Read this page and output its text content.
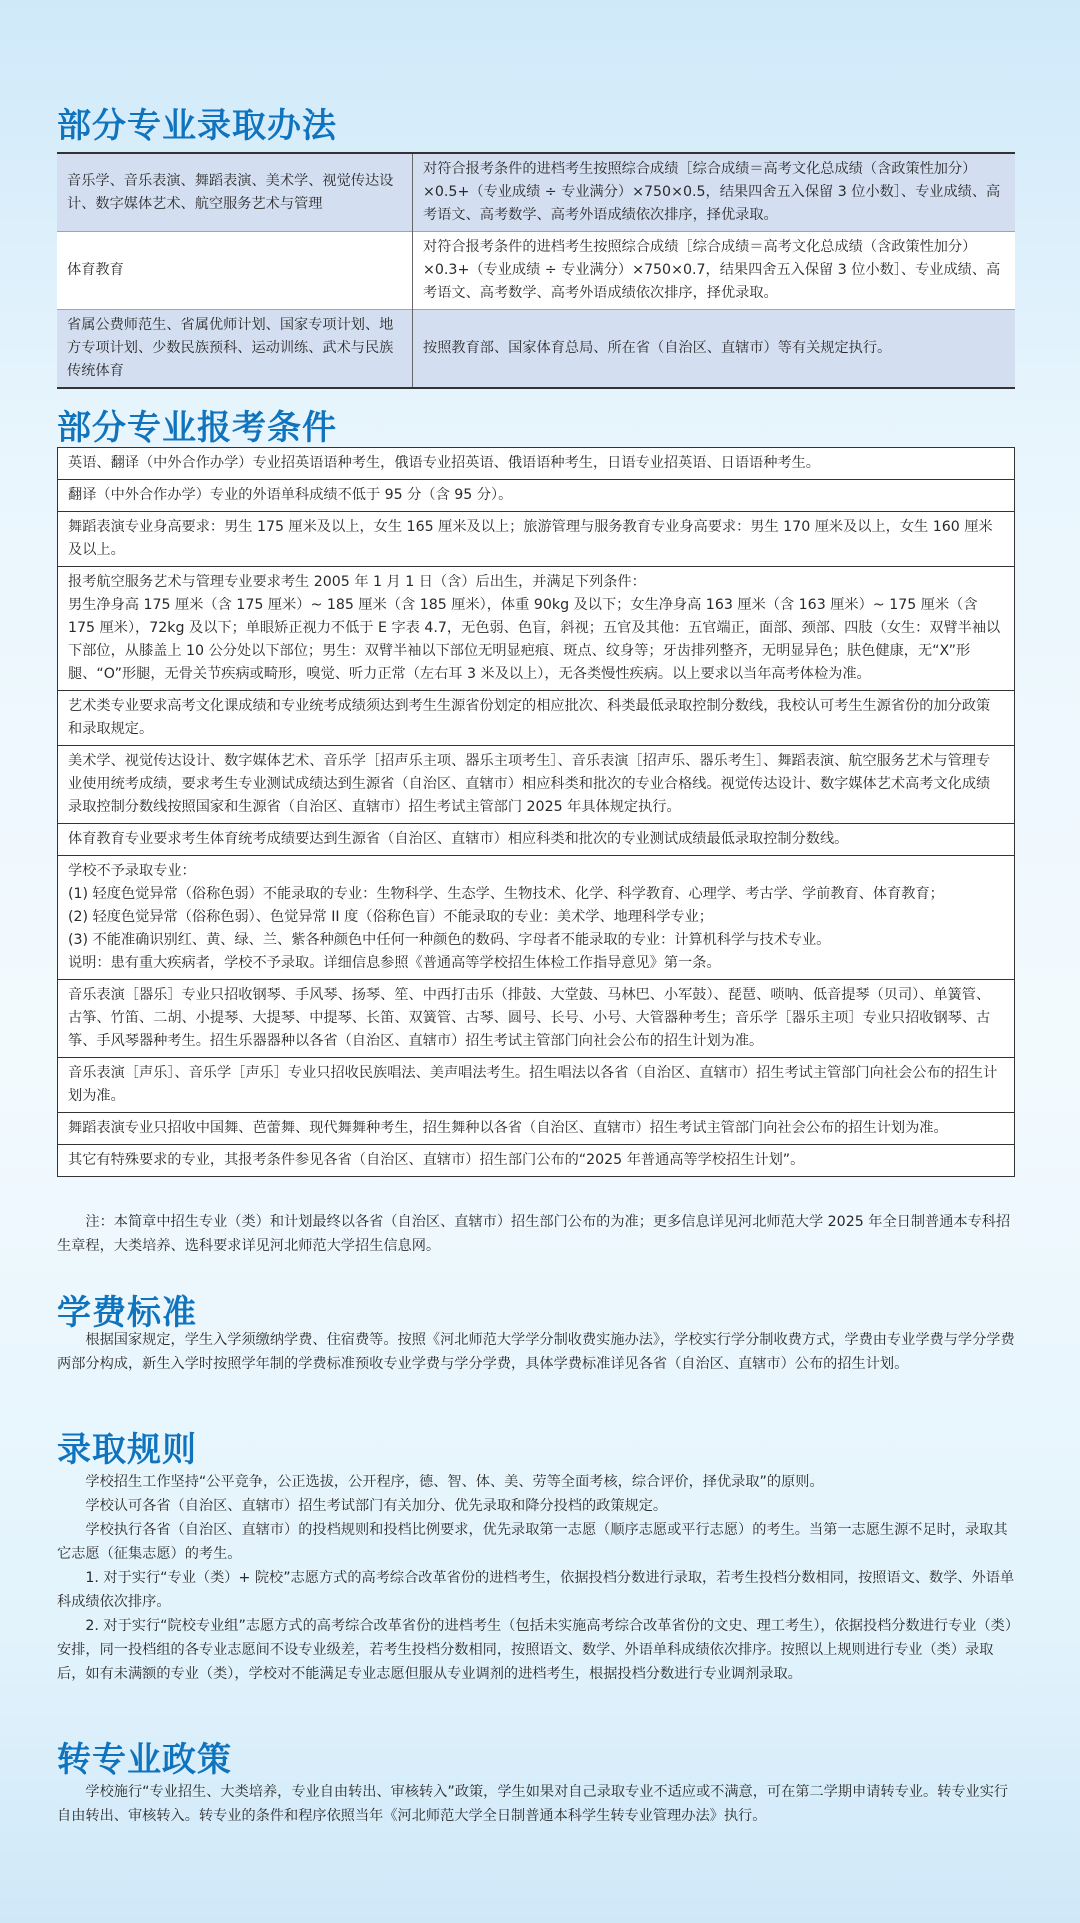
部分专业录取办法
音乐学、音乐表演、舞蹈表演、美术学、视觉传达设计、数字媒体艺术、航空服务艺术与管理	对符合报考条件的进档考生按照综合成绩［综合成绩＝高考文化总成绩（含政策性加分）×0.5+（专业成绩 ÷ 专业满分）×750×0.5，结果四舍五入保留 3 位小数］、专业成绩、高考语文、高考数学、高考外语成绩依次排序，择优录取。
体育教育	对符合报考条件的进档考生按照综合成绩［综合成绩＝高考文化总成绩（含政策性加分）×0.3+（专业成绩 ÷ 专业满分）×750×0.7，结果四舍五入保留 3 位小数］、专业成绩、高考语文、高考数学、高考外语成绩依次排序，择优录取。
省属公费师范生、省属优师计划、国家专项计划、地方专项计划、少数民族预科、运动训练、武术与民族传统体育	按照教育部、国家体育总局、所在省（自治区、直辖市）等有关规定执行。
部分专业报考条件
英语、翻译（中外合作办学）专业招英语语种考生，俄语专业招英语、俄语语种考生，日语专业招英语、日语语种考生。

翻译（中外合作办学）专业的外语单科成绩不低于 95 分（含 95 分）。

舞蹈表演专业身高要求：男生 175 厘米及以上，女生 165 厘米及以上；旅游管理与服务教育专业身高要求：男生 170 厘米及以上，女生 160 厘米及以上。

报考航空服务艺术与管理专业要求考生 2005 年 1 月 1 日（含）后出生，并满足下列条件：
男生净身高 175 厘米（含 175 厘米）~ 185 厘米（含 185 厘米），体重 90kg 及以下；女生净身高 163 厘米（含 163 厘米）~ 175 厘米（含 175 厘米），72kg 及以下；单眼矫正视力不低于 E 字表 4.7，无色弱、色盲，斜视；五官及其他：五官端正，面部、颈部、四肢（女生：双臂半袖以下部位，从膝盖上 10 公分处以下部位；男生：双臂半袖以下部位无明显疤痕、斑点、纹身等；牙齿排列整齐，无明显异色；肤色健康，无“X”形腿、“O”形腿，无骨关节疾病或畸形，嗅觉、听力正常（左右耳 3 米及以上），无各类慢性疾病。以上要求以当年高考体检为准。

艺术类专业要求高考文化课成绩和专业统考成绩须达到考生生源省份划定的相应批次、科类最低录取控制分数线，我校认可考生生源省份的加分政策和录取规定。

美术学、视觉传达设计、数字媒体艺术、音乐学［招声乐主项、器乐主项考生］、音乐表演［招声乐、器乐考生］、舞蹈表演、航空服务艺术与管理专业使用统考成绩，要求考生专业测试成绩达到生源省（自治区、直辖市）相应科类和批次的专业合格线。视觉传达设计、数字媒体艺术高考文化成绩录取控制分数线按照国家和生源省（自治区、直辖市）招生考试主管部门 2025 年具体规定执行。

体育教育专业要求考生体育统考成绩要达到生源省（自治区、直辖市）相应科类和批次的专业测试成绩最低录取控制分数线。

学校不予录取专业：
(1) 轻度色觉异常（俗称色弱）不能录取的专业：生物科学、生态学、生物技术、化学、科学教育、心理学、考古学、学前教育、体育教育；
(2) 轻度色觉异常（俗称色弱）、色觉异常 II 度（俗称色盲）不能录取的专业：美术学、地理科学专业；
(3) 不能准确识别红、黄、绿、兰、紫各种颜色中任何一种颜色的数码、字母者不能录取的专业：计算机科学与技术专业。
说明：患有重大疾病者，学校不予录取。详细信息参照《普通高等学校招生体检工作指导意见》第一条。

音乐表演［器乐］专业只招收钢琴、手风琴、扬琴、笙、中西打击乐（排鼓、大堂鼓、马林巴、小军鼓）、琵琶、唢呐、低音提琴（贝司）、单簧管、古筝、竹笛、二胡、小提琴、大提琴、中提琴、长笛、双簧管、古琴、圆号、长号、小号、大管器种考生；音乐学［器乐主项］专业只招收钢琴、古筝、手风琴器种考生。招生乐器器种以各省（自治区、直辖市）招生考试主管部门向社会公布的招生计划为准。

音乐表演［声乐］、音乐学［声乐］专业只招收民族唱法、美声唱法考生。招生唱法以各省（自治区、直辖市）招生考试主管部门向社会公布的招生计划为准。

舞蹈表演专业只招收中国舞、芭蕾舞、现代舞舞种考生，招生舞种以各省（自治区、直辖市）招生考试主管部门向社会公布的招生计划为准。

其它有特殊要求的专业，其报考条件参见各省（自治区、直辖市）招生部门公布的“2025 年普通高等学校招生计划”。

注：本简章中招生专业（类）和计划最终以各省（自治区、直辖市）招生部门公布的为准；更多信息详见河北师范大学 2025 年全日制普通本专科招生章程，大类培养、选科要求详见河北师范大学招生信息网。

学费标准

根据国家规定，学生入学须缴纳学费、住宿费等。按照《河北师范大学学分制收费实施办法》，学校实行学分制收费方式，学费由专业学费与学分学费两部分构成，新生入学时按照学年制的学费标准预收专业学费与学分学费，具体学费标准详见各省（自治区、直辖市）公布的招生计划。

录取规则

学校招生工作坚持“公平竞争，公正选拔，公开程序，德、智、体、美、劳等全面考核，综合评价，择优录取”的原则。

学校认可各省（自治区、直辖市）招生考试部门有关加分、优先录取和降分投档的政策规定。

学校执行各省（自治区、直辖市）的投档规则和投档比例要求，优先录取第一志愿（顺序志愿或平行志愿）的考生。当第一志愿生源不足时，录取其它志愿（征集志愿）的考生。

1. 对于实行“专业（类）+ 院校”志愿方式的高考综合改革省份的进档考生，依据投档分数进行录取，若考生投档分数相同，按照语文、数学、外语单科成绩依次排序。

2. 对于实行“院校专业组”志愿方式的高考综合改革省份的进档考生（包括未实施高考综合改革省份的文史、理工考生），依据投档分数进行专业（类）安排，同一投档组的各专业志愿间不设专业级差，若考生投档分数相同，按照语文、数学、外语单科成绩依次排序。按照以上规则进行专业（类）录取后，如有未满额的专业（类），学校对不能满足专业志愿但服从专业调剂的进档考生，根据投档分数进行专业调剂录取。

转专业政策

学校施行“专业招生、大类培养，专业自由转出、审核转入”政策，学生如果对自己录取专业不适应或不满意，可在第二学期申请转专业。转专业实行自由转出、审核转入。转专业的条件和程序依照当年《河北师范大学全日制普通本科学生转专业管理办法》执行。
